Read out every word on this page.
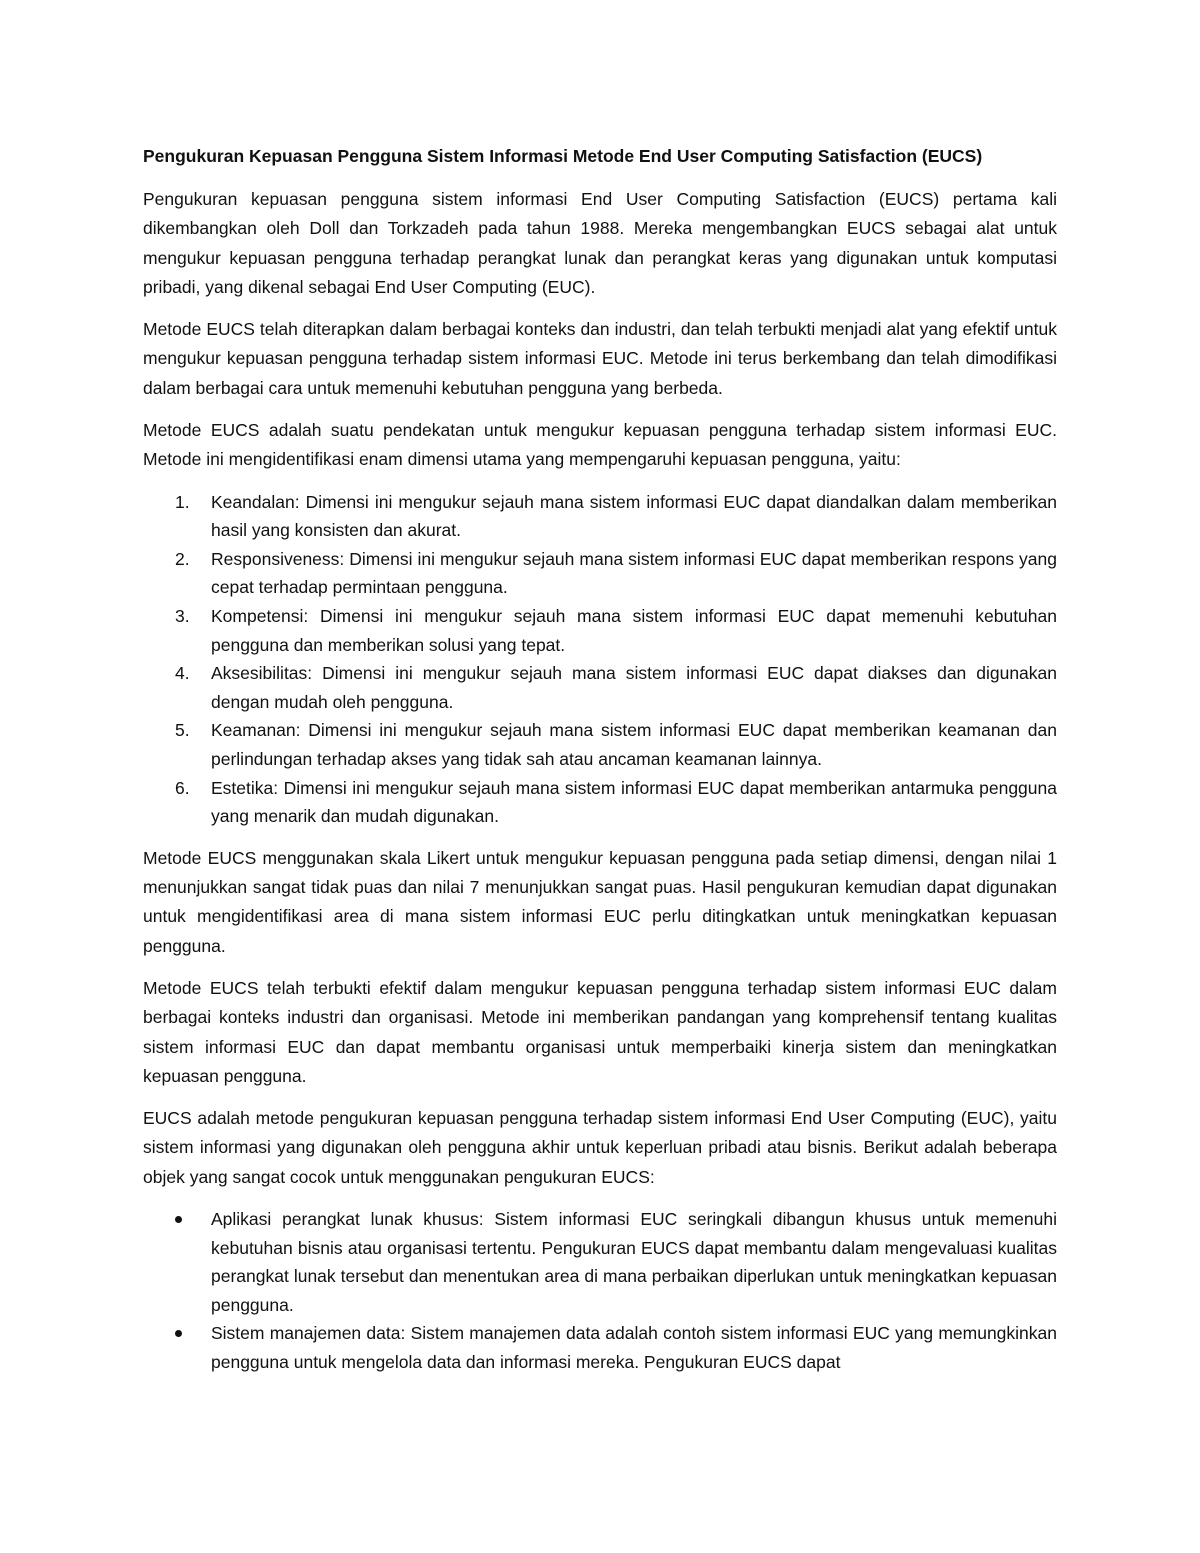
Pengukuran Kepuasan Pengguna Sistem Informasi Metode End User Computing Satisfaction (EUCS)

Pengukuran kepuasan pengguna sistem informasi End User Computing Satisfaction (EUCS) pertama kali dikembangkan oleh Doll dan Torkzadeh pada tahun 1988. Mereka mengembangkan EUCS sebagai alat untuk mengukur kepuasan pengguna terhadap perangkat lunak dan perangkat keras yang digunakan untuk komputasi pribadi, yang dikenal sebagai End User Computing (EUC).

Metode EUCS telah diterapkan dalam berbagai konteks dan industri, dan telah terbukti menjadi alat yang efektif untuk mengukur kepuasan pengguna terhadap sistem informasi EUC. Metode ini terus berkembang dan telah dimodifikasi dalam berbagai cara untuk memenuhi kebutuhan pengguna yang berbeda.

Metode EUCS adalah suatu pendekatan untuk mengukur kepuasan pengguna terhadap sistem informasi EUC. Metode ini mengidentifikasi enam dimensi utama yang mempengaruhi kepuasan pengguna, yaitu:

1. Keandalan: Dimensi ini mengukur sejauh mana sistem informasi EUC dapat diandalkan dalam memberikan hasil yang konsisten dan akurat.
2. Responsiveness: Dimensi ini mengukur sejauh mana sistem informasi EUC dapat memberikan respons yang cepat terhadap permintaan pengguna.
3. Kompetensi: Dimensi ini mengukur sejauh mana sistem informasi EUC dapat memenuhi kebutuhan pengguna dan memberikan solusi yang tepat.
4. Aksesibilitas: Dimensi ini mengukur sejauh mana sistem informasi EUC dapat diakses dan digunakan dengan mudah oleh pengguna.
5. Keamanan: Dimensi ini mengukur sejauh mana sistem informasi EUC dapat memberikan keamanan dan perlindungan terhadap akses yang tidak sah atau ancaman keamanan lainnya.
6. Estetika: Dimensi ini mengukur sejauh mana sistem informasi EUC dapat memberikan antarmuka pengguna yang menarik dan mudah digunakan.

Metode EUCS menggunakan skala Likert untuk mengukur kepuasan pengguna pada setiap dimensi, dengan nilai 1 menunjukkan sangat tidak puas dan nilai 7 menunjukkan sangat puas. Hasil pengukuran kemudian dapat digunakan untuk mengidentifikasi area di mana sistem informasi EUC perlu ditingkatkan untuk meningkatkan kepuasan pengguna.

Metode EUCS telah terbukti efektif dalam mengukur kepuasan pengguna terhadap sistem informasi EUC dalam berbagai konteks industri dan organisasi. Metode ini memberikan pandangan yang komprehensif tentang kualitas sistem informasi EUC dan dapat membantu organisasi untuk memperbaiki kinerja sistem dan meningkatkan kepuasan pengguna.

EUCS adalah metode pengukuran kepuasan pengguna terhadap sistem informasi End User Computing (EUC), yaitu sistem informasi yang digunakan oleh pengguna akhir untuk keperluan pribadi atau bisnis. Berikut adalah beberapa objek yang sangat cocok untuk menggunakan pengukuran EUCS:

Aplikasi perangkat lunak khusus: Sistem informasi EUC seringkali dibangun khusus untuk memenuhi kebutuhan bisnis atau organisasi tertentu. Pengukuran EUCS dapat membantu dalam mengevaluasi kualitas perangkat lunak tersebut dan menentukan area di mana perbaikan diperlukan untuk meningkatkan kepuasan pengguna.
Sistem manajemen data: Sistem manajemen data adalah contoh sistem informasi EUC yang memungkinkan pengguna untuk mengelola data dan informasi mereka. Pengukuran EUCS dapat
